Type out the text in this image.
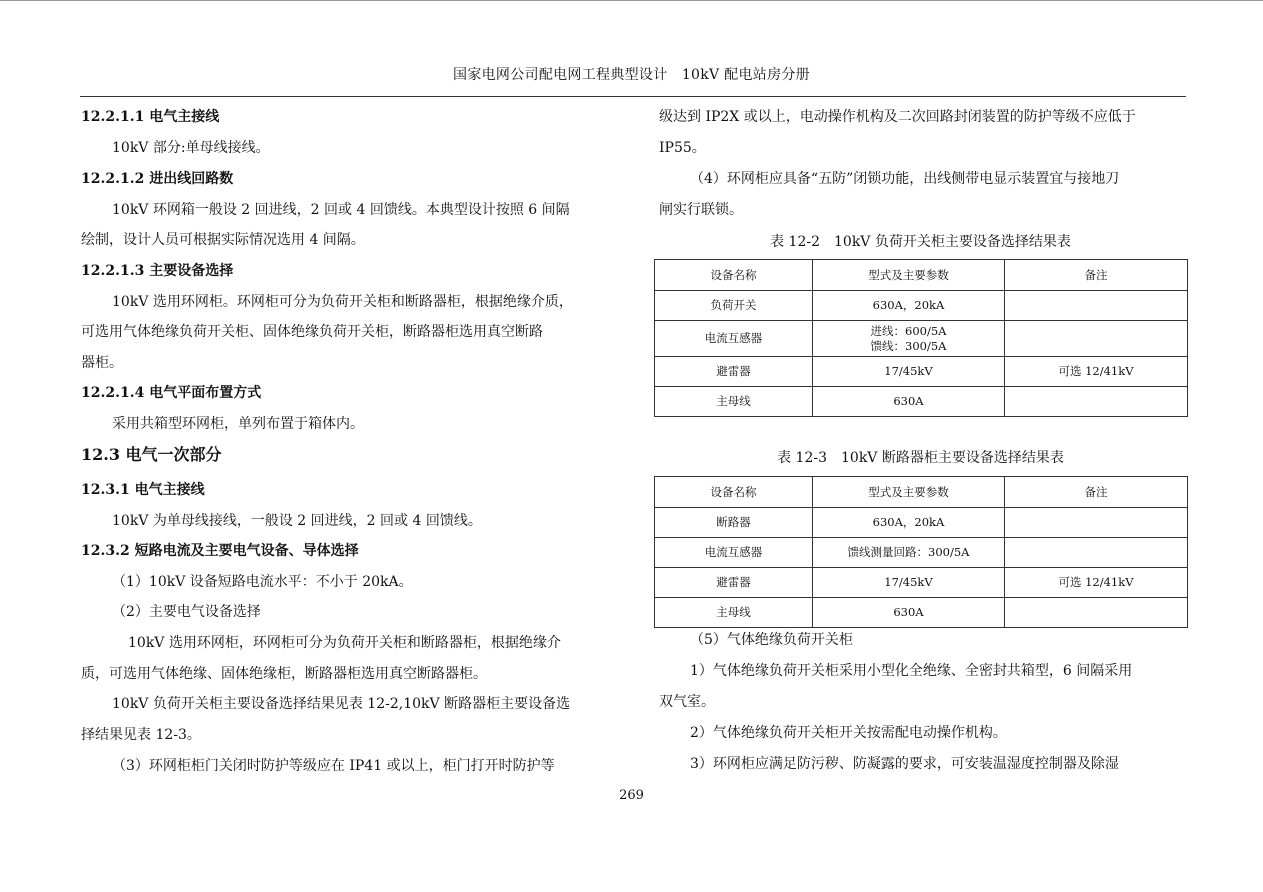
国家电网公司配电网工程典型设计　10kV 配电站房分册
12.2.1.1 电气主接线
10kV 部分:单母线接线。
12.2.1.2 进出线回路数
10kV 环网箱一般设 2 回进线，2 回或 4 回馈线。本典型设计按照 6 间隔
绘制，设计人员可根据实际情况选用 4 间隔。
12.2.1.3 主要设备选择
10kV 选用环网柜。环网柜可分为负荷开关柜和断路器柜，根据绝缘介质，
可选用气体绝缘负荷开关柜、固体绝缘负荷开关柜，断路器柜选用真空断路
器柜。
12.2.1.4 电气平面布置方式
采用共箱型环网柜，单列布置于箱体内。
12.3 电气一次部分
12.3.1 电气主接线
10kV 为单母线接线，一般设 2 回进线，2 回或 4 回馈线。
12.3.2 短路电流及主要电气设备、导体选择
（1）10kV 设备短路电流水平：不小于 20kA。
（2）主要电气设备选择
10kV 选用环网柜，环网柜可分为负荷开关柜和断路器柜，根据绝缘介
质，可选用气体绝缘、固体绝缘柜，断路器柜选用真空断路器柜。
10kV 负荷开关柜主要设备选择结果见表 12-2,10kV 断路器柜主要设备选
择结果见表 12-3。
（3）环网柜柜门关闭时防护等级应在 IP41 或以上，柜门打开时防护等
级达到 IP2X 或以上，电动操作机构及二次回路封闭装置的防护等级不应低于
IP55。
（4）环网柜应具备“五防”闭锁功能，出线侧带电显示装置宜与接地刀
闸实行联锁。
表 12-2　10kV 负荷开关柜主要设备选择结果表
设备名称	型式及主要参数	备注
负荷开关	630A，20kA	
电流互感器	进线：600/5A
馈线：300/5A	

避雷器	17/45kV	可选 12/41kV
主母线	630A	
表 12-3　10kV 断路器柜主要设备选择结果表
设备名称	型式及主要参数	备注
断路器	630A，20kA	
电流互感器	馈线测量回路：300/5A	
避雷器	17/45kV	可选 12/41kV
主母线	630A	
（5）气体绝缘负荷开关柜
1）气体绝缘负荷开关柜采用小型化全绝缘、全密封共箱型，6 间隔采用
双气室。
2）气体绝缘负荷开关柜开关按需配电动操作机构。
3）环网柜应满足防污秽、防凝露的要求，可安装温湿度控制器及除湿
269
